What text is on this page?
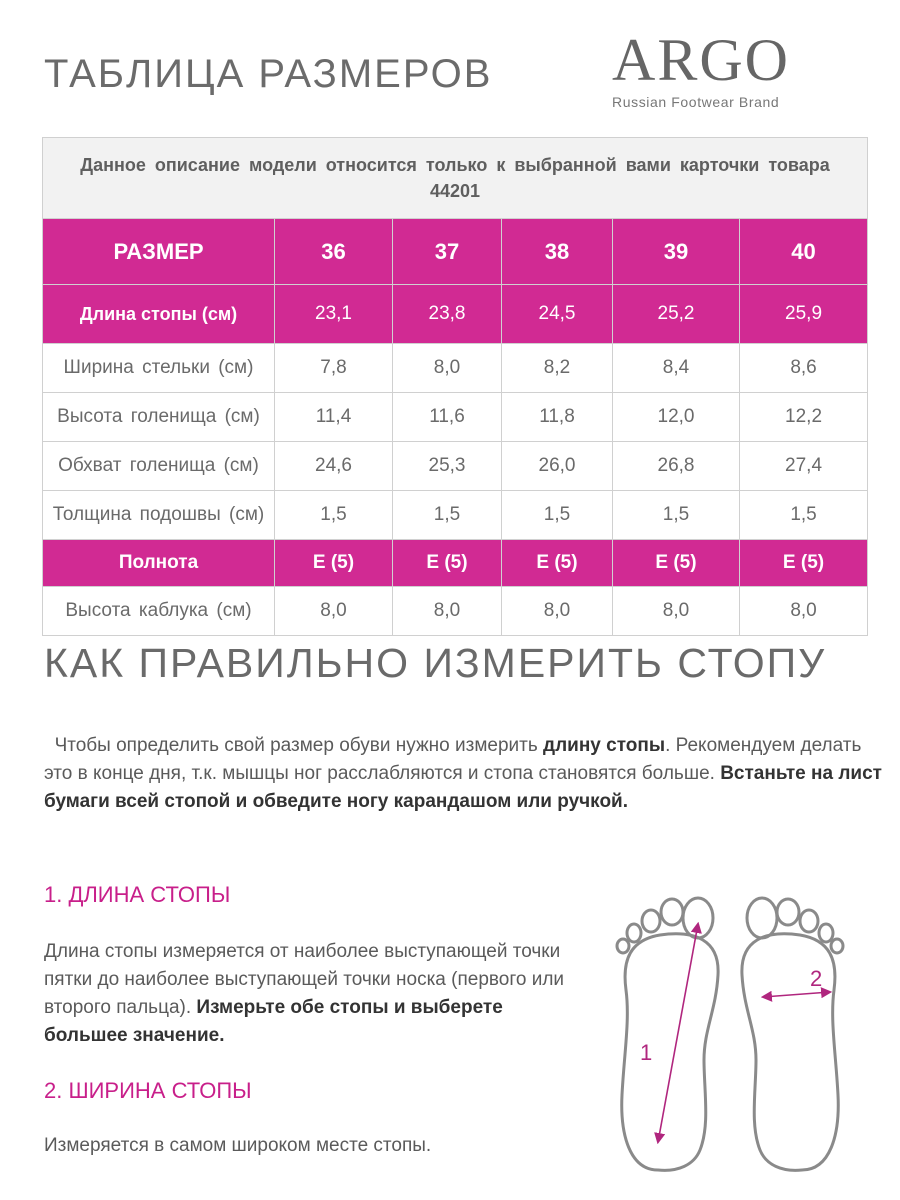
ТАБЛИЦА РАЗМЕРОВ ARGO
Russian Footwear Brand
Данное описание модели относится только к выбранной вами карточки товара 44201					
РАЗМЕР	36	37	38	39	40
Длина стопы (см)	23,1	23,8	24,5	25,2	25,9
Ширина стельки (см)	7,8	8,0	8,2	8,4	8,6
Высота голенища (см)	11,4	11,6	11,8	12,0	12,2
Обхват голенища (см)	24,6	25,3	26,0	26,8	27,4
Толщина подошвы (см)	1,5	1,5	1,5	1,5	1,5
Полнота	E (5)	E (5)	E (5)	E (5)	E (5)
Высота каблука (см)	8,0	8,0	8,0	8,0	8,0
КАК ПРАВИЛЬНО ИЗМЕРИТЬ СТОПУ
Чтобы определить свой размер обуви нужно измерить длину стопы. Рекомендуем делать это в конце дня, т.к. мышцы ног расслабляются и стопа становятся больше. Встаньте на лист бумаги всей стопой и обведите ногу карандашом или ручкой.
1. ДЛИНА СТОПЫ
Длина стопы измеряется от наиболее выступающей точки пятки до наиболее выступающей точки носка (первого или второго пальца). Измерьте обе стопы и выберете большее значение.
2. ШИРИНА СТОПЫ
Измеряется в самом широком месте стопы.
1
2
